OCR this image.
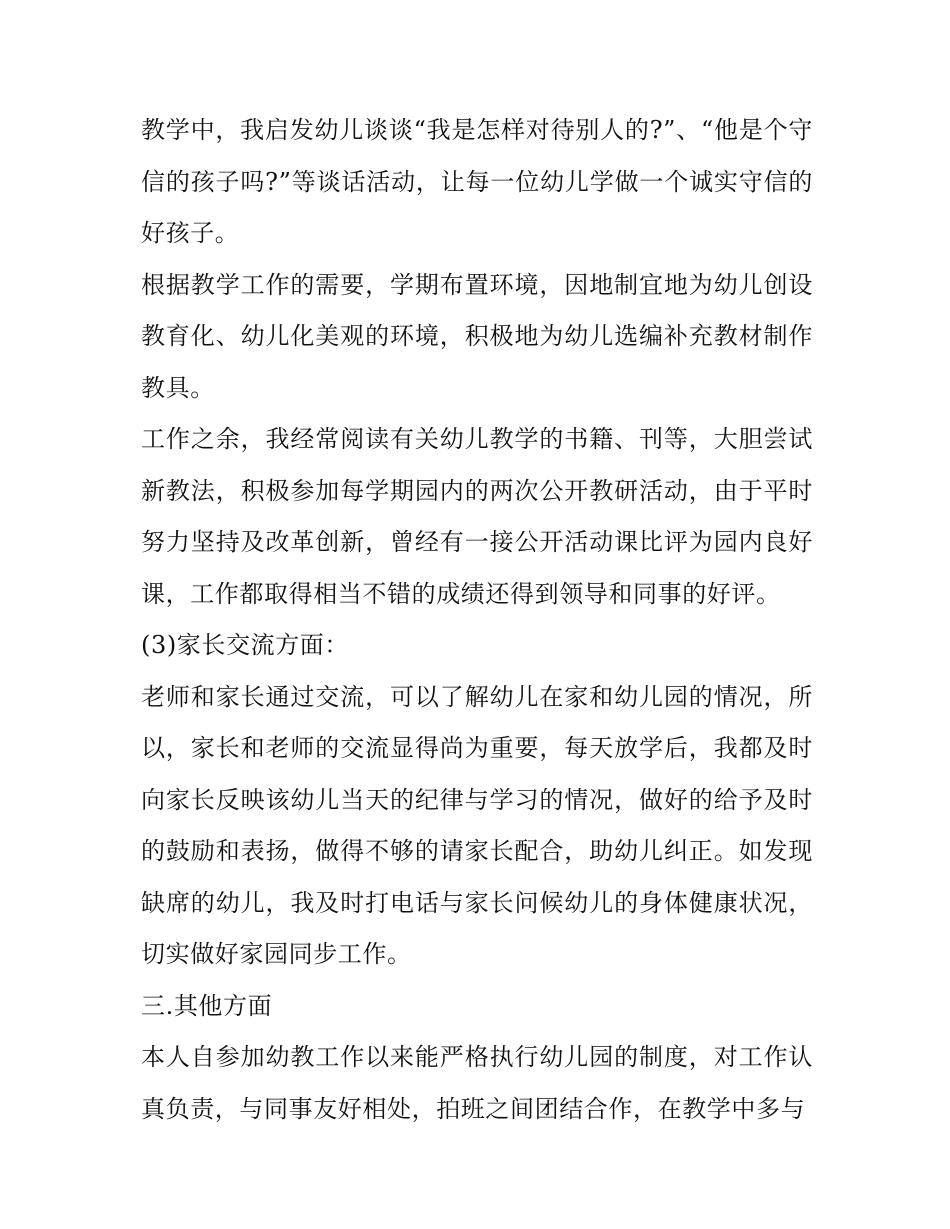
教学中，我启发幼儿谈谈“我是怎样对待别人的?”、“他是个守信的孩子吗?”等谈话活动，让每一位幼儿学做一个诚实守信的好孩子。

根据教学工作的需要，学期布置环境，因地制宜地为幼儿创设教育化、幼儿化美观的环境，积极地为幼儿选编补充教材制作教具。

工作之余，我经常阅读有关幼儿教学的书籍、刊等，大胆尝试新教法，积极参加每学期园内的两次公开教研活动，由于平时努力坚持及改革创新，曾经有一接公开活动课比评为园内良好课，工作都取得相当不错的成绩还得到领导和同事的好评。

(3)家长交流方面：

老师和家长通过交流，可以了解幼儿在家和幼儿园的情况，所以，家长和老师的交流显得尚为重要，每天放学后，我都及时向家长反映该幼儿当天的纪律与学习的情况，做好的给予及时的鼓励和表扬，做得不够的请家长配合，助幼儿纠正。如发现缺席的幼儿，我及时打电话与家长问候幼儿的身体健康状况，切实做好家园同步工作。

三.其他方面

本人自参加幼教工作以来能严格执行幼儿园的制度，对工作认真负责，与同事友好相处，拍班之间团结合作，在教学中多与
